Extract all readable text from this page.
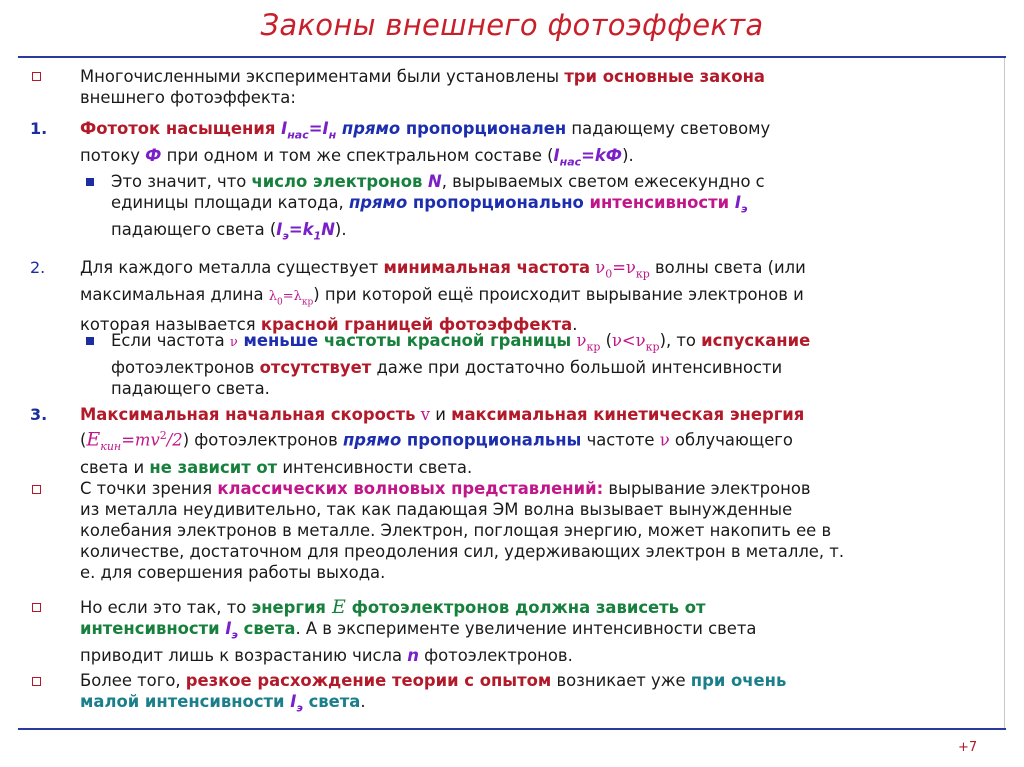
Законы внешнего фотоэффекта
Многочисленными экспериментами были установлены три основные закона
внешнего фотоэффекта:
1. Фототок насыщения $I_{нас}=I_н$ прямо пропорционален падающему световому
потоку Ф при одном и том же спектральном составе $(I_{нас}=kФ)$.
Это значит, что число электронов N, вырываемых светом ежесекундно с
единицы площади катода, прямо пропорционально интенсивности $I_э$
падающего света $(I_э=k_1N)$.
2. Для каждого металла существует минимальная частота $\nu_0=\nu_{кр}$ волны света (или
максимальная длина $\lambda_0=\lambda_{кр}$) при которой ещё происходит вырывание электронов и
которая называется красной границей фотоэффекта.
Если частота ν меньше частоты красной границы $\nu_{кр}$ $(\nu<\nu_{кр})$, то испускание
фотоэлектронов отсутствует даже при достаточно большой интенсивности
падающего света.
3. Максимальная начальная скорость v и максимальная кинетическая энергия
$(E_{кин}=mv^2/2)$ фотоэлектронов прямо пропорциональны частоте ν облучающего
света и не зависит от интенсивности света.
С точки зрения классических волновых представлений: вырывание электронов
из металла неудивительно, так как падающая ЭМ волна вызывает вынужденные
колебания электронов в металле. Электрон, поглощая энергию, может накопить ее в
количестве, достаточном для преодоления сил, удерживающих электрон в металле, т.
е. для совершения работы выхода.
Но если это так, то энергия E фотоэлектронов должна зависеть от
интенсивности $I_э$ света. А в эксперименте увеличение интенсивности света
приводит лишь к возрастанию числа n фотоэлектронов.
Более того, резкое расхождение теории с опытом возникает уже при очень
малой интенсивности $I_э$ света.
+7
